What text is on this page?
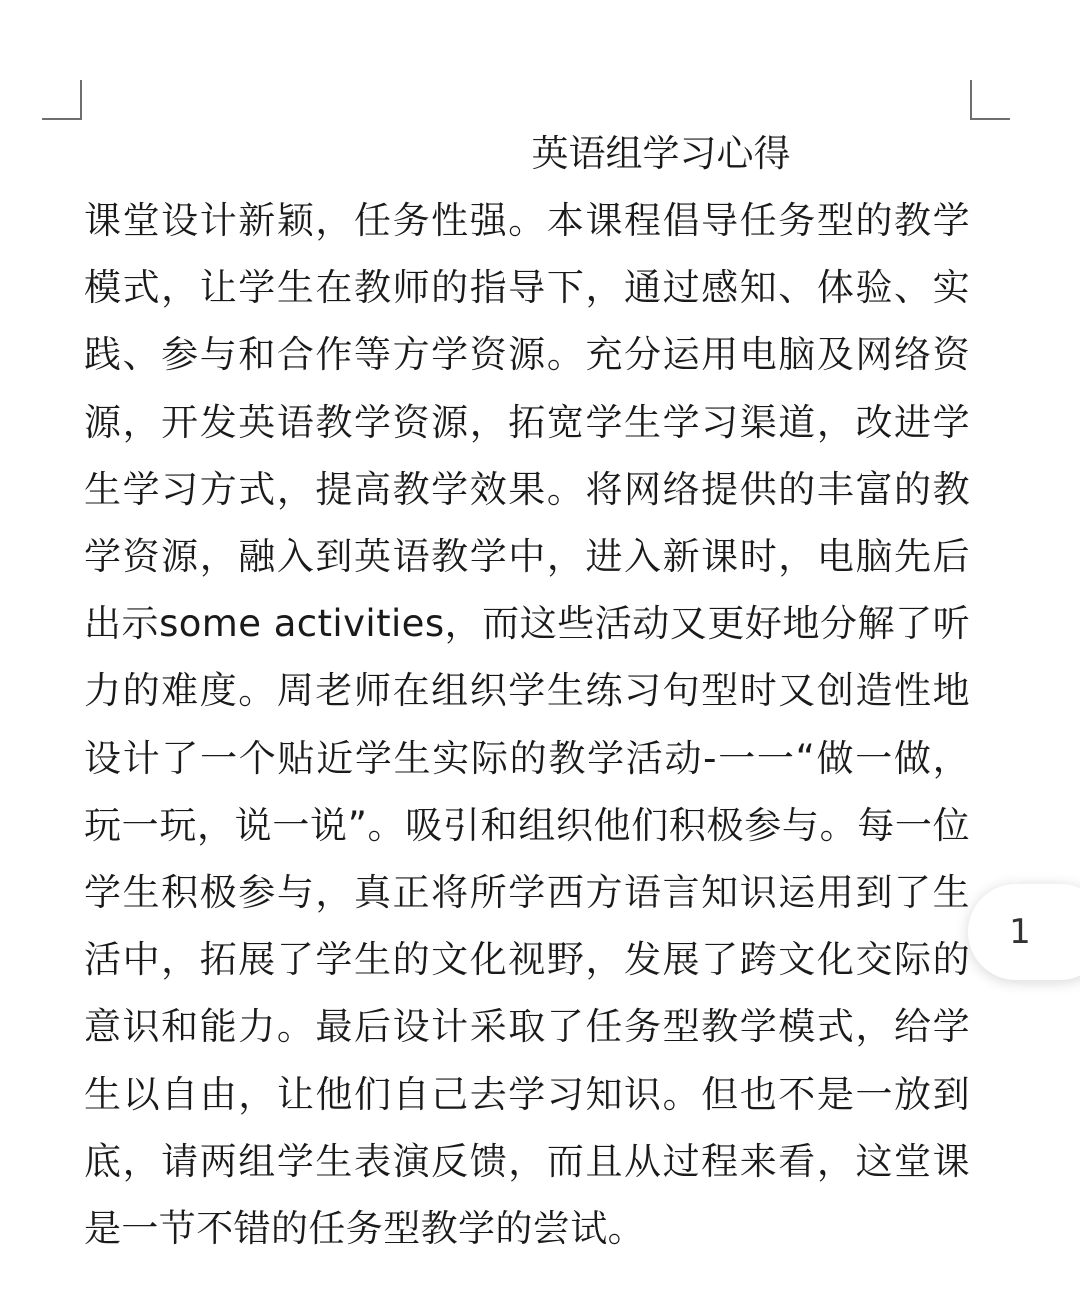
英语组学习心得
课堂设计新颖，任务性强。本课程倡导任务型的教学模式，让学生在教师的指导下，通过感知、体验、实践、参与和合作等方学资源。充分运用电脑及网络资源，开发英语教学资源，拓宽学生学习渠道，改进学生学习方式，提高教学效果。将网络提供的丰富的教学资源，融入到英语教学中，进入新课时，电脑先后出示some activities，而这些活动又更好地分解了听力的难度。周老师在组织学生练习句型时又创造性地设计了一个贴近学生实际的教学活动-一一“做一做，玩一玩，说一说”。吸引和组织他们积极参与。每一位学生积极参与，真正将所学西方语言知识运用到了生活中，拓展了学生的文化视野，发展了跨文化交际的意识和能力。最后设计采取了任务型教学模式，给学生以自由，让他们自己去学习知识。但也不是一放到底，请两组学生表演反馈，而且从过程来看，这堂课是一节不错的任务型教学的尝试。
1
